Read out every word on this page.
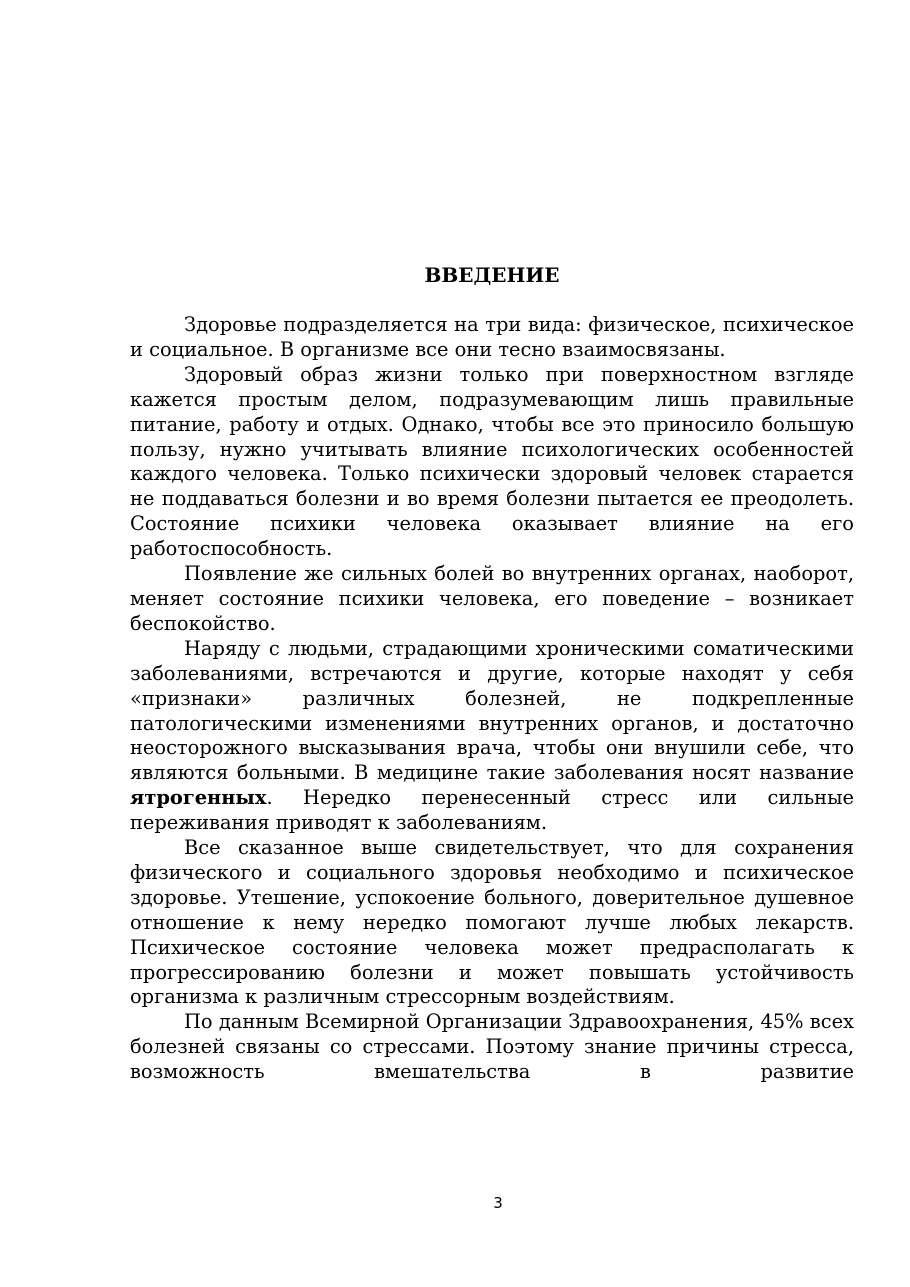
ВВЕДЕНИЕ

Здоровье подразделяется на три вида: физическое, психическое и социальное. В организме все они тесно взаимосвязаны.

Здоровый образ жизни только при поверхностном взгляде кажется простым делом, подразумевающим лишь правильные питание, работу и отдых. Однако, чтобы все это приносило большую пользу, нужно учитывать влияние психологических особенностей каждого человека. Только психически здоровый человек старается не поддаваться болезни и во время болезни пытается ее преодолеть. Состояние психики человека оказывает влияние на его работоспособность.

Появление же сильных болей во внутренних органах, наоборот, меняет состояние психики человека, его поведение – возникает беспокойство.

Наряду с людьми, страдающими хроническими соматическими заболеваниями, встречаются и другие, которые находят у себя «признаки» различных болезней, не подкрепленные патологическими изменениями внутренних органов, и достаточно неосторожного высказывания врача, чтобы они внушили себе, что являются больными. В медицине такие заболевания носят название ятрогенных. Нередко перенесенный стресс или сильные переживания приводят к заболеваниям.

Все сказанное выше свидетельствует, что для сохранения физического и социального здоровья необходимо и психическое здоровье. Утешение, успокоение больного, доверительное душевное отношение к нему нередко помогают лучше любых лекарств. Психическое состояние человека может предрасполагать к прогрессированию болезни и может повышать устойчивость организма к различным стрессорным воздействиям.

По данным Всемирной Организации Здравоохранения, 45% всех болезней связаны со стрессами. Поэтому знание причины стресса, возможность вмешательства в развитие

3
